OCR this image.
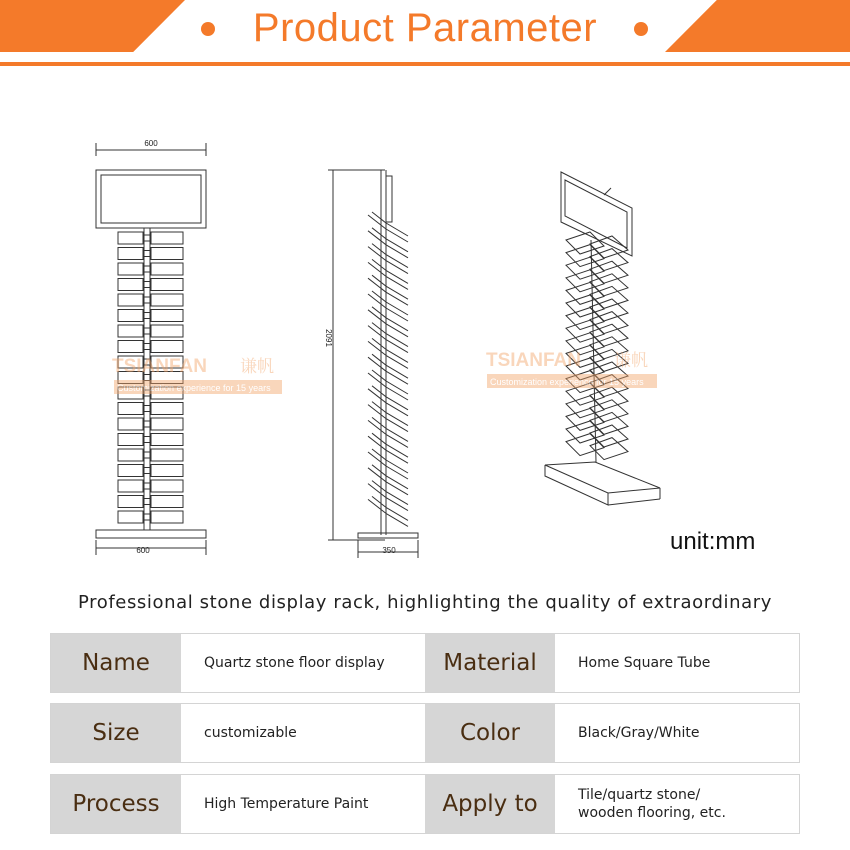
Product Parameter
600
600
2091
350
TSIANFAN 谦帆
Customization experience for 15 years
TSIANFAN 谦帆
Customization experience for 15 years
unit:mm
Professional stone display rack, highlighting the quality of extraordinary
Name	Quartz stone floor display	Material	Home Square Tube
Size	customizable	Color	Black/Gray/White
Process	High Temperature Paint	Apply to	Tile/quartz stone/ wooden flooring, etc.
